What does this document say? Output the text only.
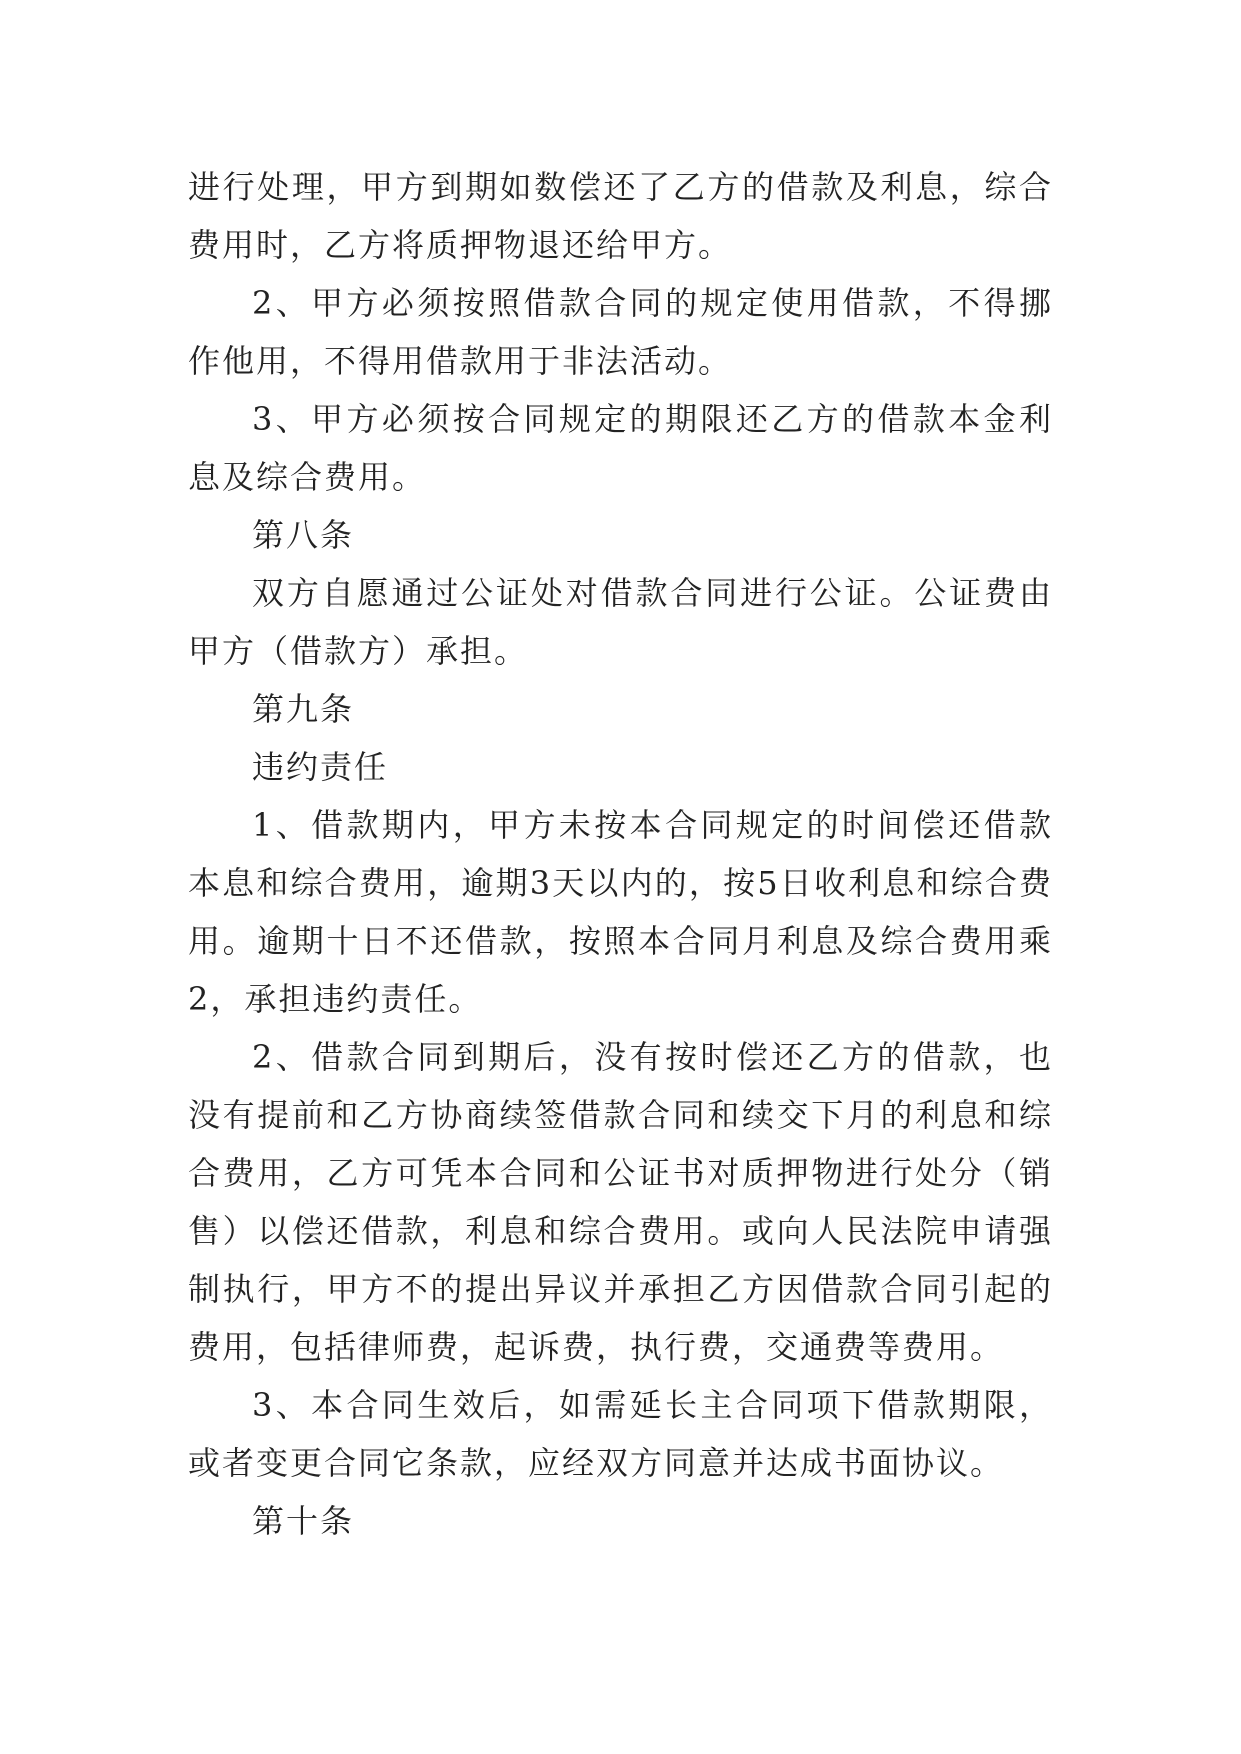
进行处理，甲方到期如数偿还了乙方的借款及利息，综合费用时，乙方将质押物退还给甲方。

2、甲方必须按照借款合同的规定使用借款，不得挪作他用，不得用借款用于非法活动。

3、甲方必须按合同规定的期限还乙方的借款本金利息及综合费用。

第八条

双方自愿通过公证处对借款合同进行公证。公证费由甲方（借款方）承担。

第九条

违约责任

1、借款期内，甲方未按本合同规定的时间偿还借款本息和综合费用，逾期3天以内的，按5日收利息和综合费用。逾期十日不还借款，按照本合同月利息及综合费用乘2，承担违约责任。

2、借款合同到期后，没有按时偿还乙方的借款，也没有提前和乙方协商续签借款合同和续交下月的利息和综合费用，乙方可凭本合同和公证书对质押物进行处分（销售）以偿还借款，利息和综合费用。或向人民法院申请强制执行，甲方不的提出异议并承担乙方因借款合同引起的费用，包括律师费，起诉费，执行费，交通费等费用。

3、本合同生效后，如需延长主合同项下借款期限，或者变更合同它条款，应经双方同意并达成书面协议。

第十条
